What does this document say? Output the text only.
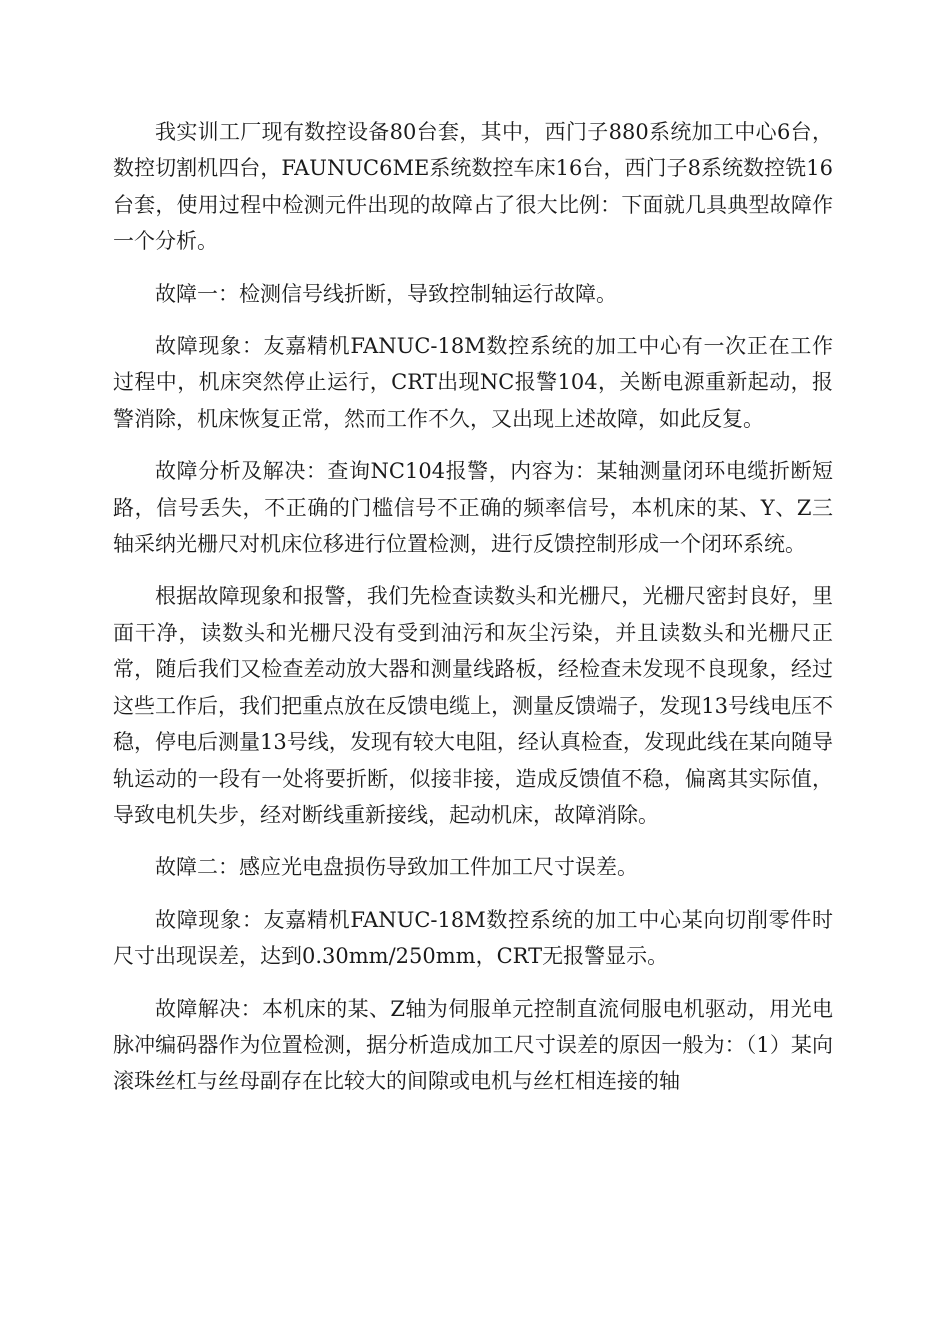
我实训工厂现有数控设备80台套，其中，西门子880系统加工中心6台，数控切割机四台，FAUNUC6ME系统数控车床16台，西门子8系统数控铣16台套，使用过程中检测元件出现的故障占了很大比例：下面就几具典型故障作一个分析。

故障一：检测信号线折断，导致控制轴运行故障。

故障现象：友嘉精机FANUC-18M数控系统的加工中心有一次正在工作过程中，机床突然停止运行，CRT出现NC报警104，关断电源重新起动，报警消除，机床恢复正常，然而工作不久，又出现上述故障，如此反复。

故障分析及解决：查询NC104报警，内容为：某轴测量闭环电缆折断短路，信号丢失，不正确的门槛信号不正确的频率信号，本机床的某、Y、Z三轴采纳光栅尺对机床位移进行位置检测，进行反馈控制形成一个闭环系统。

根据故障现象和报警，我们先检查读数头和光栅尺，光栅尺密封良好，里面干净，读数头和光栅尺没有受到油污和灰尘污染，并且读数头和光栅尺正常，随后我们又检查差动放大器和测量线路板，经检查未发现不良现象，经过这些工作后，我们把重点放在反馈电缆上，测量反馈端子，发现13号线电压不稳，停电后测量13号线，发现有较大电阻，经认真检查，发现此线在某向随导轨运动的一段有一处将要折断，似接非接，造成反馈值不稳，偏离其实际值，导致电机失步，经对断线重新接线，起动机床，故障消除。

故障二：感应光电盘损伤导致加工件加工尺寸误差。

故障现象：友嘉精机FANUC-18M数控系统的加工中心某向切削零件时尺寸出现误差，达到0.30mm/250mm，CRT无报警显示。

故障解决：本机床的某、Z轴为伺服单元控制直流伺服电机驱动，用光电脉冲编码器作为位置检测，据分析造成加工尺寸误差的原因一般为：（1）某向滚珠丝杠与丝母副存在比较大的间隙或电机与丝杠相连接的轴
